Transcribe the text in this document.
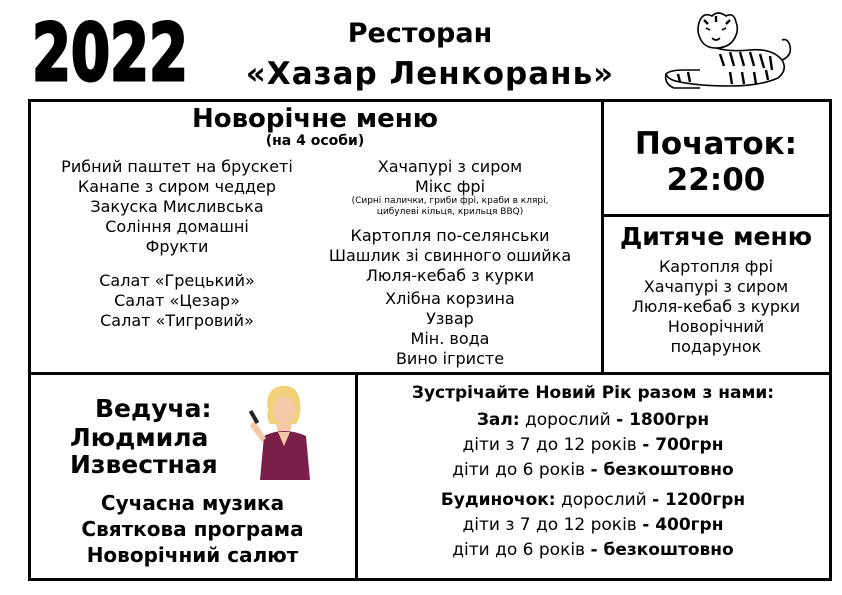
2022	Ресторан
«Хазар Ленкорань»
Новорічне меню
(на 4 особи)
Рибний паштет на брускеті
Канапе з сиром чеддер
Закуска Мисливська
Соління домашні
Фрукти
Салат «Грецький»
Салат «Цезар»
Салат «Тигровий»
Хачапурі з сиром
Мікс фрі
(Сирні палички, гриби фрі, краби в клярі,
цибулеві кільця, крильця BBQ)
Картопля по-селянськи
Шашлик зі свинного ошийка
Люля-кебаб з курки
Хлібна корзина
Узвар
Мін. вода
Вино ігристе
Початок:
22:00
Дитяче меню
Картопля фрі
Хачапурі з сиром
Люля-кебаб з курки
Новорічний
подарунок
Ведуча:
Людмила
Известная
Сучасна музика
Святкова програма
Новорічний салют
Зустрічайте Новий Рік разом з нами:
Зал: дорослий - 1800грн
діти з 7 до 12 років - 700грн
діти до 6 років - безкоштовно
Будиночок: дорослий - 1200грн
діти з 7 до 12 років - 400грн
діти до 6 років - безкоштовно
